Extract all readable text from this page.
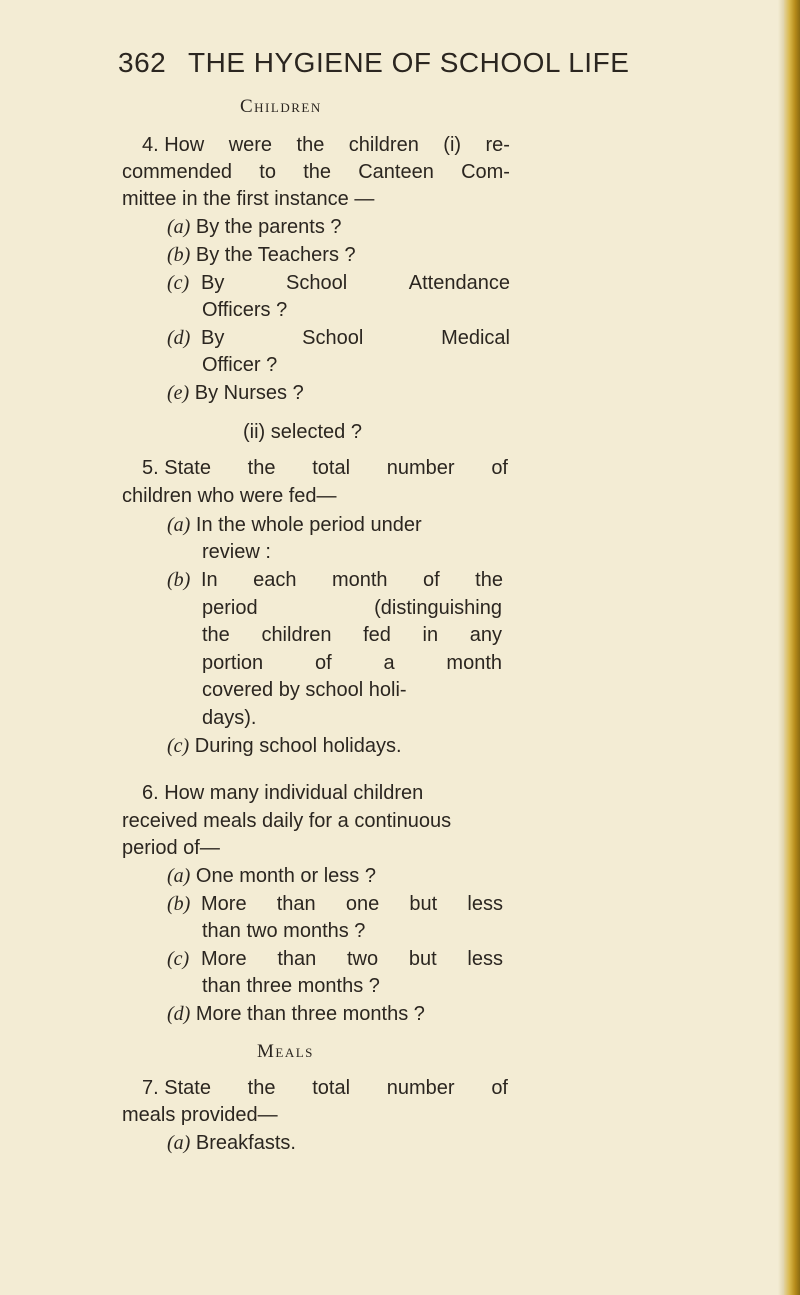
362 THE HYGIENE OF SCHOOL LIFE
Children
4. How were the children (i) re-
commended to the Canteen Com-
mittee in the first instance —
(a) By the parents ?
(b) By the Teachers ?
(c) By	School	Attendance
Officers ?
(d) By	School	Medical
Officer ?
(e) By Nurses ?
(ii) selected ?
5. State the total number of
children who were fed—
(a) In the whole period under
review :
(b) In each month of the
period	(distinguishing
the children fed in any
portion	of	a	month
covered by school holi-
days).
(c) During school holidays.
6. How many individual children
received meals daily for a continuous
period of—
(a) One month or less ?
(b) More than one but less
than two months ?
(c) More than two but less
than three months ?
(d) More than three months ?
Meals
7. State the total number of
meals provided—
(a) Breakfasts.
